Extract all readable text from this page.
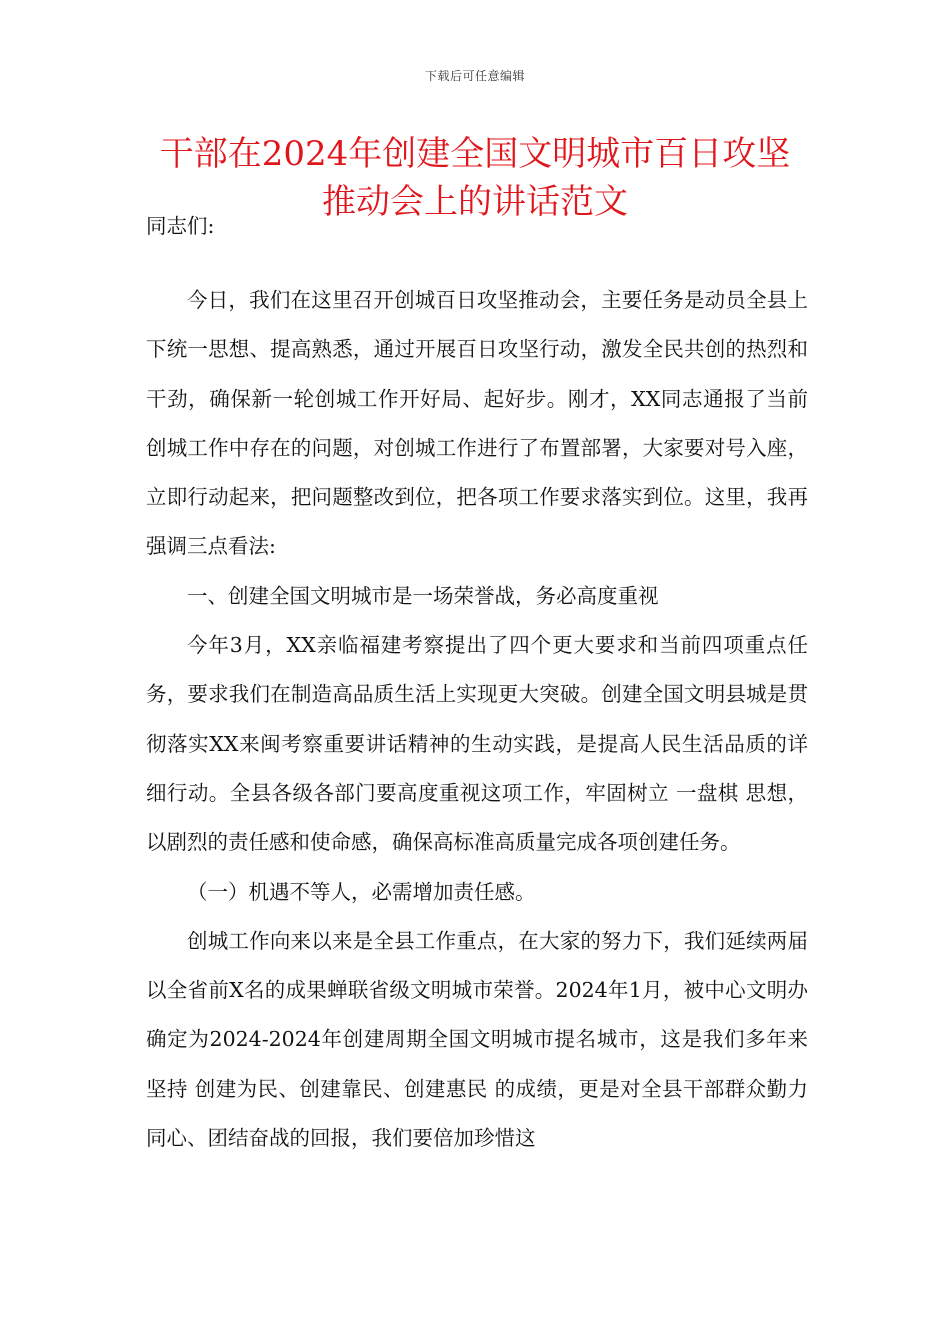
下载后可任意编辑
干部在2024年创建全国文明城市百日攻坚
推动会上的讲话范文

同志们:

今日，我们在这里召开创城百日攻坚推动会，主要任务是动员全县上下统一思想、提高熟悉，通过开展百日攻坚行动，激发全民共创的热烈和干劲，确保新一轮创城工作开好局、起好步。刚才，XX同志通报了当前创城工作中存在的问题，对创城工作进行了布置部署，大家要对号入座，立即行动起来，把问题整改到位，把各项工作要求落实到位。这里，我再强调三点看法:

一、创建全国文明城市是一场荣誉战，务必高度重视

今年3月，XX亲临福建考察提出了四个更大要求和当前四项重点任务，要求我们在制造高品质生活上实现更大突破。创建全国文明县城是贯彻落实XX来闽考察重要讲话精神的生动实践，是提高人民生活品质的详细行动。全县各级各部门要高度重视这项工作，牢固树立 一盘棋 思想，以剧烈的责任感和使命感，确保高标准高质量完成各项创建任务。

（一）机遇不等人，必需增加责任感。

创城工作向来以来是全县工作重点，在大家的努力下，我们延续两届以全省前X名的成果蝉联省级文明城市荣誉。2024年1月，被中心文明办确定为2024-2024年创建周期全国文明城市提名城市，这是我们多年来坚持 创建为民、创建靠民、创建惠民 的成绩，更是对全县干部群众勤力同心、团结奋战的回报，我们要倍加珍惜这
